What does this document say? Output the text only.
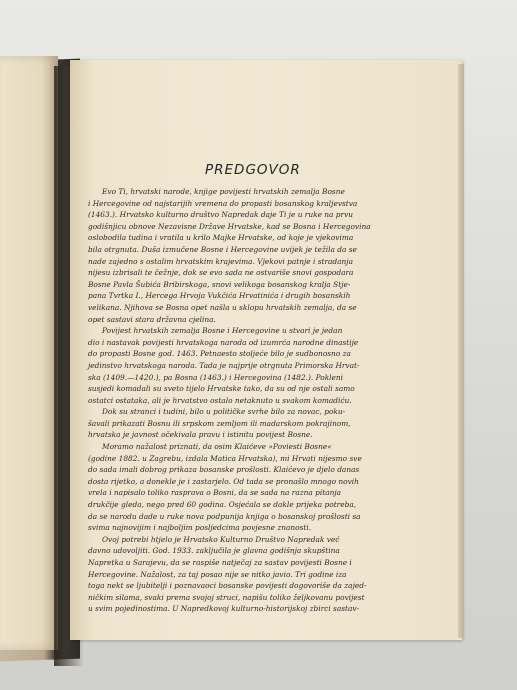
PREDGOVOR

Evo Ti, hrvatski narode, knjige povijesti hrvatskih zemalja Bosne

i Hercegovine od najstarijih vremena do propasti bosanskog kraljevstva

(1463.). Hrvatsko kulturno društvo Napredak daje Ti je u ruke na prvu

godišnjicu obnove Nezavisne Države Hrvatske, kad se Bosna i Hercegovina

oslobodila tudina i vratila u krilo Majke Hrvatske, od koje je vjekovima

bila otrgnuta. Duša izmučene Bosne i Hercegovine uvijek je težila da se

nade zajedno s ostalim hrvatskim krajevima. Vjekovi patnje i stradanja

nijesu izbrisali te čežnje, dok se evo sada ne ostvariše snovi gospodara

Bosne Pavla Šubića Bribirskoga, snovi velikoga bosanskog kralja Stje-

pana Tvrtka I., Hercega Hrvoja Vukčića Hrvatinića i drugih bosanskih

velikana. Njihova se Bosna opet našla u sklopu hrvatskih zemalja, da se

opet sastavi stara državna cjelina.

Povijest hrvatskih zemalja Bosne i Hercegovine u stvari je jedan

dio i nastavak povijesti hrvatskoga naroda od izumrća narodne dinastije

do propasti Bosne god. 1463. Petnaesto stoljeće bilo je sudbonosno za

jedinstvo hrvatskoga naroda. Tada je najprije otrgnuta Primorska Hrvat-

ska (1409.—1420.), pa Bosna (1463.) i Hercegovina (1482.). Pokleni

susjedi komadali su sveto tijelo Hrvatske tako, da su od nje ostali samo

ostatci ostataka, ali je hrvatstvo ostalo netaknuto u svakom komadiću.

Dok su stranci i tudini, bilo u političke svrhe bilo za novac, poku-

šavali prikazati Bosnu ili srpskom zemljom ili madarskom pokrajinom,

hrvatska je javnost očekivala pravu i istinitu povijest Bosne.

Moramo nažalost priznati, da osim Klaićeve »Poviesti Bosne«

(godine 1882. u Zagrebu, izdala Matica Hrvatska), mi Hrvati nijesmo sve

do sada imali dobrog prikaza bosanske prošlosti. Klaićevo je djelo danas

dosta rijetko, a donekle je i zastarjelo. Od tada se pronašlo mnogo novih

vrela i napisalo toliko rasprava o Bosni, da se sada na razna pitanja

drukčije gleda, nego pred 60 godina. Osjećala se dakle prijeka potreba,

da se narodu dade u ruke nova podpunija knjiga o bosanskoj prošlosti sa

svima najnovijim i najboljim posljedcima povjesne znanosti.

Ovoj potrebi htjelo je Hrvatsko Kulturno Društvo Napredak već

davno udovoljiti. God. 1933. zaključila je glavna godišnja skupština

Napretka u Sarajevu, da se raspiše natječaj za sastav povijesti Bosne i

Hercegovine. Nažalost, za taj posao nije se nitko javio. Tri godine iza

toga nekt se ljubitelji i poznavaoci bosanske povijesti dogovoriše da zajed-

ničkim silama, svaki prema svojoj struci, napišu toliko željkovanu povijest

u svim pojedinostima. U Napredkovoj kulturno-historijskoj zbirci sastav-
